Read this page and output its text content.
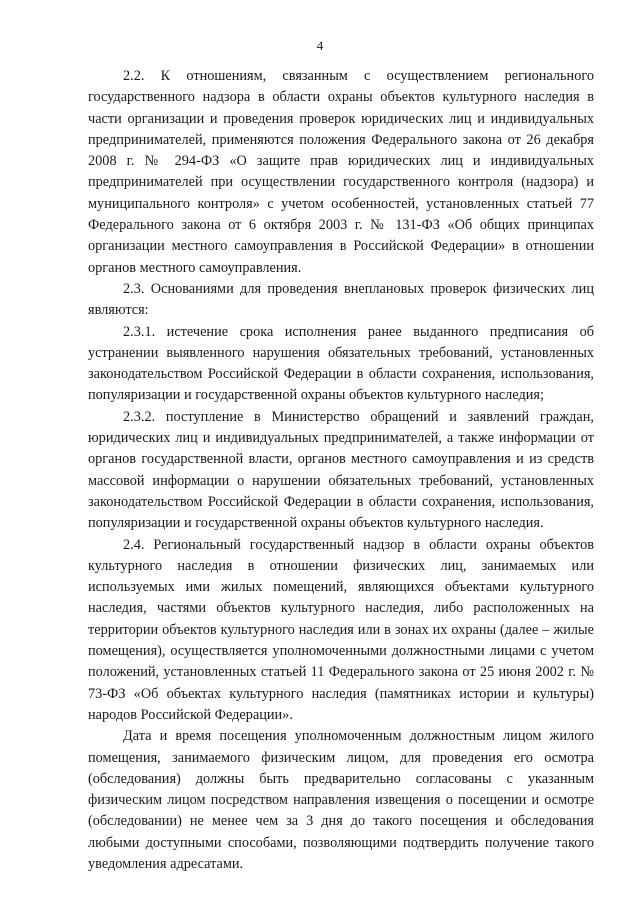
4

2.2. К отношениям, связанным с осуществлением регионального государственного надзора в области охраны объектов культурного наследия в части организации и проведения проверок юридических лиц и индивидуальных предпринимателей, применяются положения Федерального закона от 26 декабря 2008 г. № 294-ФЗ «О защите прав юридических лиц и индивидуальных предпринимателей при осуществлении государственного контроля (надзора) и муниципального контроля» с учетом особенностей, установленных статьей 77 Федерального закона от 6 октября 2003 г. № 131-ФЗ «Об общих принципах организации местного самоуправления в Российской Федерации» в отношении органов местного самоуправления.

2.3. Основаниями для проведения внеплановых проверок физических лиц являются:

2.3.1. истечение срока исполнения ранее выданного предписания об устранении выявленного нарушения обязательных требований, установленных законодательством Российской Федерации в области сохранения, использования, популяризации и государственной охраны объектов культурного наследия;

2.3.2. поступление в Министерство обращений и заявлений граждан, юридических лиц и индивидуальных предпринимателей, а также информации от органов государственной власти, органов местного самоуправления и из средств массовой информации о нарушении обязательных требований, установленных законодательством Российской Федерации в области сохранения, использования, популяризации и государственной охраны объектов культурного наследия.

2.4. Региональный государственный надзор в области охраны объектов культурного наследия в отношении физических лиц, занимаемых или используемых ими жилых помещений, являющихся объектами культурного наследия, частями объектов культурного наследия, либо расположенных на территории объектов культурного наследия или в зонах их охраны (далее – жилые помещения), осуществляется уполномоченными должностными лицами с учетом положений, установленных статьей 11 Федерального закона от 25 июня 2002 г. № 73-ФЗ «Об объектах культурного наследия (памятниках истории и культуры) народов Российской Федерации».

Дата и время посещения уполномоченным должностным лицом жилого помещения, занимаемого физическим лицом, для проведения его осмотра (обследования) должны быть предварительно согласованы с указанным физическим лицом посредством направления извещения о посещении и осмотре (обследовании) не менее чем за 3 дня до такого посещения и обследования любыми доступными способами, позволяющими подтвердить получение такого уведомления адресатами.
